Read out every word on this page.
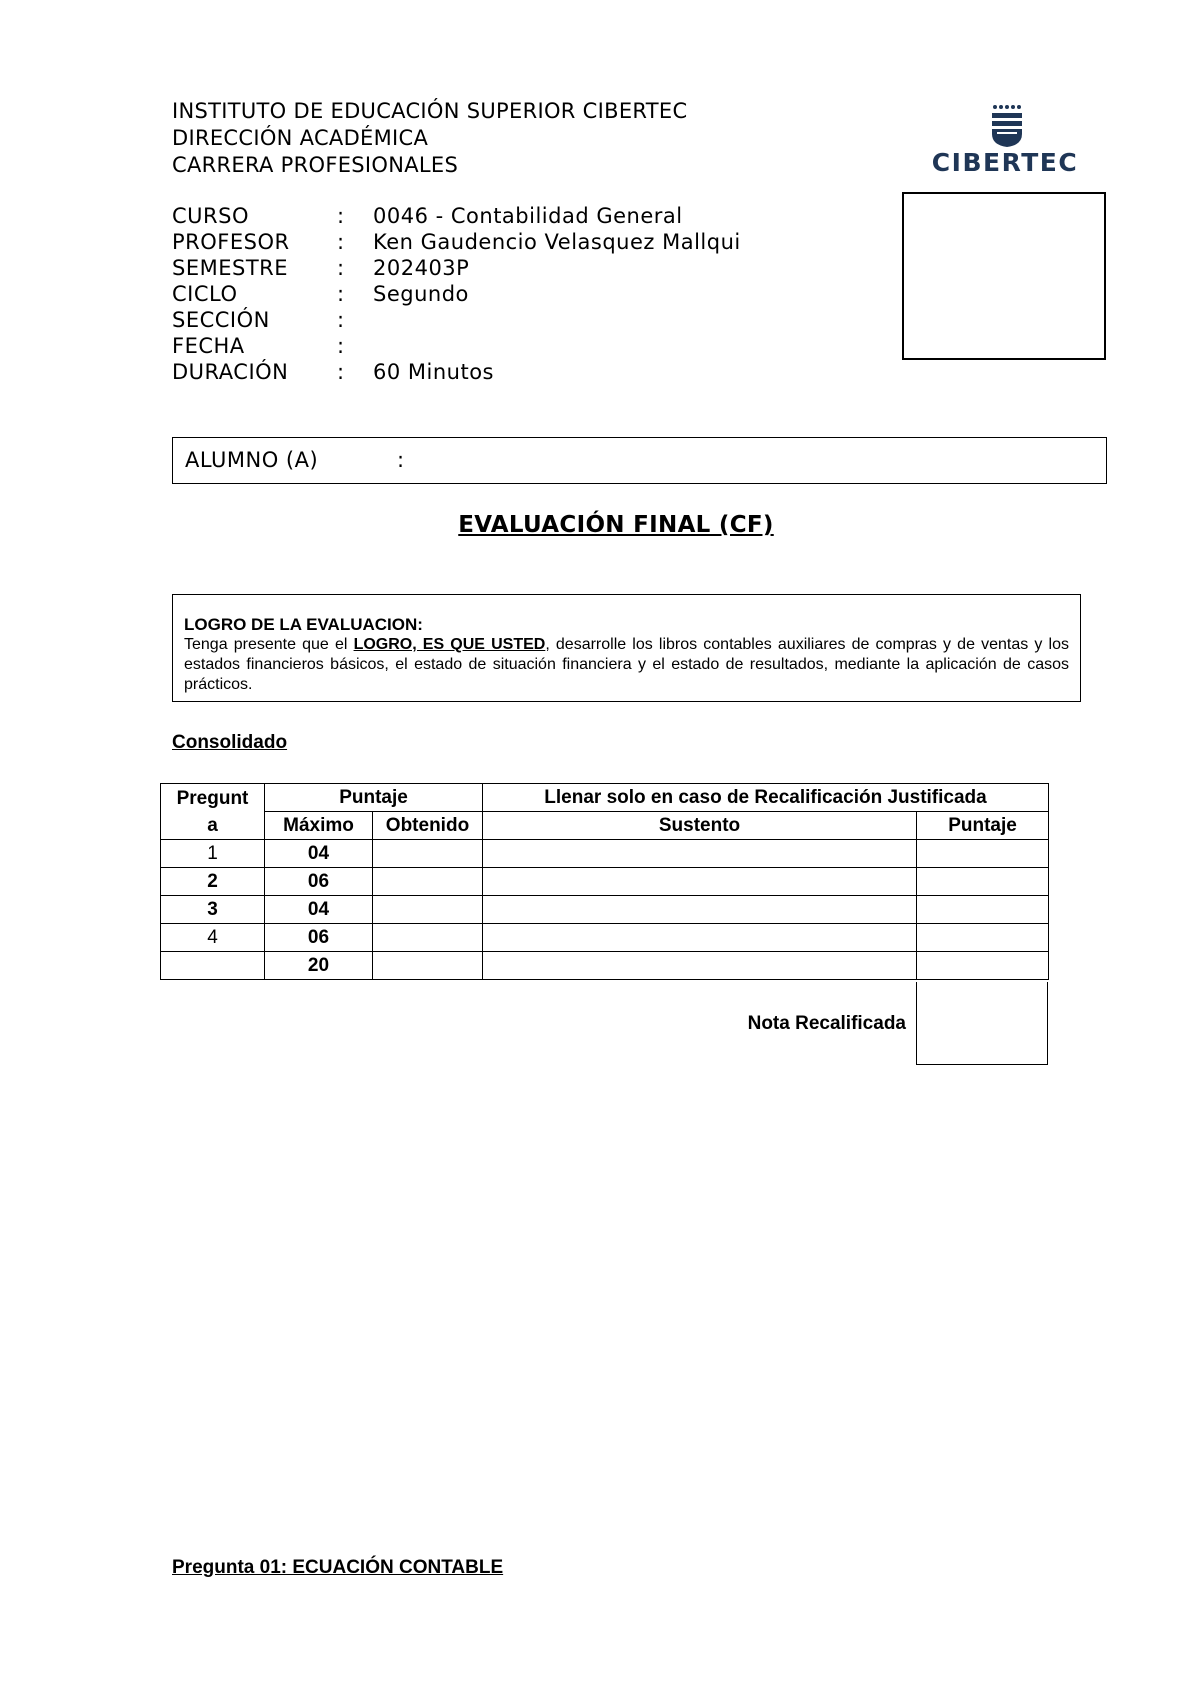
INSTITUTO DE EDUCACIÓN SUPERIOR CIBERTEC
DIRECCIÓN ACADÉMICA
CARRERA PROFESIONALES	CIBERTEC
CURSO	: 0046 - Contabilidad General
PROFESOR : Ken Gaudencio Velasquez Mallqui
SEMESTRE : 202403P
CICLO	: Segundo
SECCIÓN	:
FECHA	:
DURACIÓN : 60 Minutos
ALUMNO (A)	:
EVALUACIÓN FINAL (CF)
LOGRO DE LA EVALUACION:
Tenga presente que el LOGRO, ES QUE USTED, desarrolle los libros contables auxiliares de compras y de ventas y los estados financieros básicos, el estado de situación financiera y el estado de resultados, mediante la aplicación de casos prácticos.
Consolidado
Pregunt
a	Puntaje		Llenar solo en caso de Recalificación Justificada	
	Máximo	Obtenido	Sustento	Puntaje
1	04			
2	06			
3	04			
4	06			
	20			
Nota Recalificada
Pregunta 01: ECUACIÓN CONTABLE
